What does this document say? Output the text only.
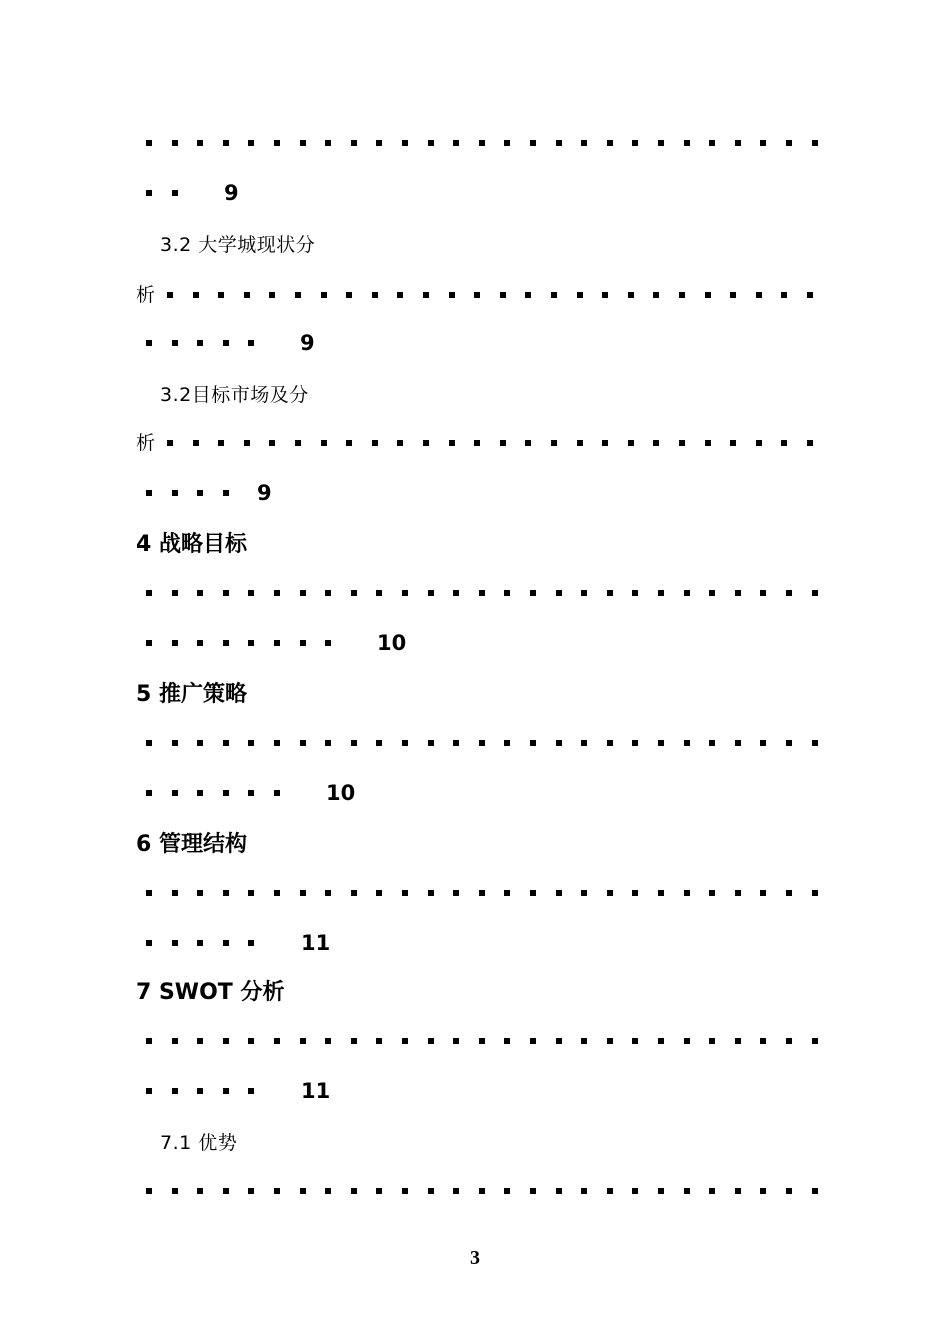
9
3.2 大学城现状分
析
9
3.2目标市场及分
析
9
4 战略目标
10
5 推广策略
10
6 管理结构
11
7 SWOT 分析
11
7.1 优势
3
